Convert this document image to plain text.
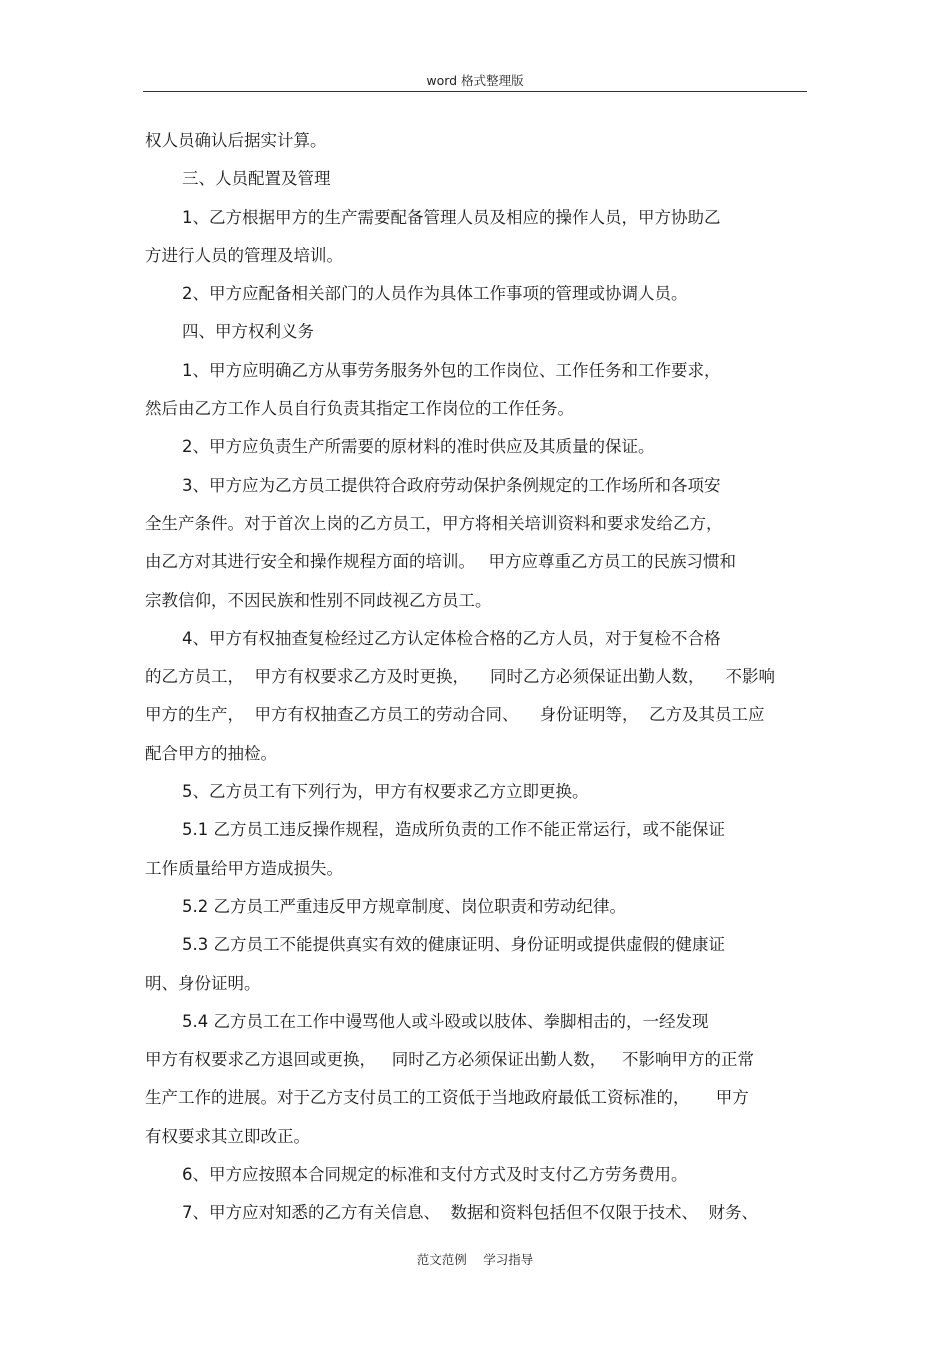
word 格式整理版
权人员确认后据实计算。
三、人员配置及管理
1、乙方根据甲方的生产需要配备管理人员及相应的操作人员，甲方协助乙
方进行人员的管理及培训。
2、甲方应配备相关部门的人员作为具体工作事项的管理或协调人员。
四、甲方权利义务
1、甲方应明确乙方从事劳务服务外包的工作岗位、工作任务和工作要求，
然后由乙方工作人员自行负责其指定工作岗位的工作任务。
2、甲方应负责生产所需要的原材料的准时供应及其质量的保证。
3、甲方应为乙方员工提供符合政府劳动保护条例规定的工作场所和各项安
全生产条件。对于首次上岗的乙方员工，甲方将相关培训资料和要求发给乙方，
由乙方对其进行安全和操作规程方面的培训。　 甲方应尊重乙方员工的民族习惯和
宗教信仰，不因民族和性别不同歧视乙方员工。
4、甲方有权抽查复检经过乙方认定体检合格的乙方人员，对于复检不合格
的乙方员工，  甲方有权要求乙方及时更换，    同时乙方必须保证出勤人数，    不影响
甲方的生产，  甲方有权抽查乙方员工的劳动合同、    身份证明等，  乙方及其员工应
配合甲方的抽检。
5、乙方员工有下列行为，甲方有权要求乙方立即更换。
5.1 乙方员工违反操作规程，造成所负责的工作不能正常运行，或不能保证
工作质量给甲方造成损失。
5.2 乙方员工严重违反甲方规章制度、岗位职责和劳动纪律。
5.3 乙方员工不能提供真实有效的健康证明、身份证明或提供虚假的健康证
明、身份证明。
5.4 乙方员工在工作中谩骂他人或斗殴或以肢体、拳脚相击的，一经发现
甲方有权要求乙方退回或更换，   同时乙方必须保证出勤人数，   不影响甲方的正常
生产工作的进展。对于乙方支付员工的工资低于当地政府最低工资标准的，     甲方
有权要求其立即改正。
6、甲方应按照本合同规定的标准和支付方式及时支付乙方劳务费用。
7、甲方应对知悉的乙方有关信息、  数据和资料包括但不仅限于技术、  财务、
范文范例　 学习指导
